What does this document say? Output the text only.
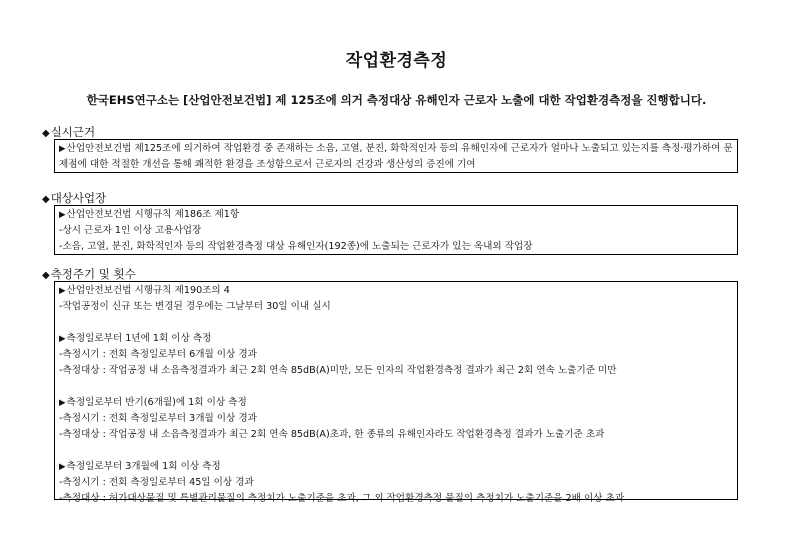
작업환경측정
한국EHS연구소는 [산업안전보건법] 제 125조에 의거 측정대상 유해인자 근로자 노출에 대한 작업환경측정을 진행합니다.
◆실시근거
▶산업안전보건법 제125조에 의거하여 작업환경 중 존재하는 소음, 고열, 분진, 화학적인자 등의 유해인자에 근로자가 얼마나 노출되고 있는지를 측정·평가하여 문제점에 대한 적절한 개선을 통해 쾌적한 환경을 조성함으로서 근로자의 건강과 생산성의 증진에 기여
◆대상사업장
▶산업안전보건법 시행규칙 제186조 제1항
-상시 근로자 1인 이상 고용사업장
-소음, 고열, 분진, 화학적인자 등의 작업환경측정 대상 유해인자(192종)에 노출되는 근로자가 있는 옥내외 작업장
◆측정주기 및 횟수
▶산업안전보건법 시행규칙 제190조의 4
-작업공정이 신규 또는 변경된 경우에는 그날부터 30일 이내 실시
▶측정일로부터 1년에 1회 이상 측정
-측정시기 : 전회 측정일로부터 6개월 이상 경과
-측정대상 : 작업공정 내 소음측정결과가 최근 2회 연속 85dB(A)미만, 모든 인자의 작업환경측정 결과가 최근 2회 연속 노출기준 미만
▶측정일로부터 반기(6개월)에 1회 이상 측정
-측정시기 : 전회 측정일로부터 3개월 이상 경과
-측정대상 : 작업공정 내 소음측정결과가 최근 2회 연속 85dB(A)초과, 한 종류의 유해인자라도 작업환경측정 결과가 노출기준 초과
▶측정일로부터 3개월에 1회 이상 측정
-측정시기 : 전회 측정일로부터 45일 이상 경과
-측정대상 : 허가대상물질 및 특별관리물질의 측정치가 노출기준을 초과, 그 외 작업환경측정 물질의 측정치가 노출기준을 2배 이상 초과
